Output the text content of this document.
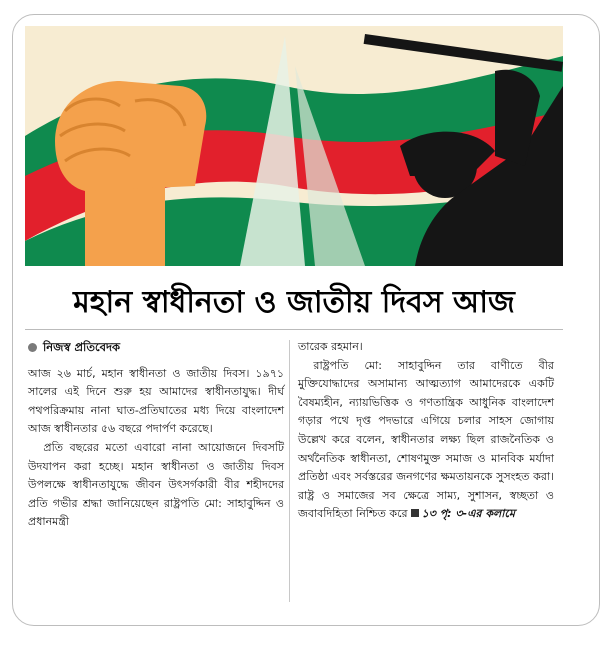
মহান স্বাধীনতা ও জাতীয় দিবস আজ
নিজস্ব প্রতিবেদক

আজ ২৬ মার্চ, মহান স্বাধীনতা ও জাতীয় দিবস। ১৯৭১ সালের এই দিনে শুরু হয় আমাদের স্বাধীনতাযুদ্ধ। দীর্ঘ পথপরিক্রমায় নানা ঘাত-প্রতিঘাতের মধ্য দিয়ে বাংলাদেশ আজ স্বাধীনতার ৫৬ বছরে পদার্পণ করেছে।

প্রতি বছরের মতো এবারো নানা আয়োজনে দিবসটি উদযাপন করা হচ্ছে। মহান স্বাধীনতা ও জাতীয় দিবস উপলক্ষে স্বাধীনতাযুদ্ধে জীবন উৎসর্গকারী বীর শহীদদের প্রতি গভীর শ্রদ্ধা জানিয়েছেন রাষ্ট্রপতি মো: সাহাবুদ্দিন ও প্রধানমন্ত্রী

তারেক রহমান।

রাষ্ট্রপতি মো: সাহাবুদ্দিন তার বাণীতে বীর মুক্তিযোদ্ধাদের অসামান্য আত্মত্যাগ আমাদেরকে একটি বৈষম্যহীন, ন্যায়ভিত্তিক ও গণতান্ত্রিক আধুনিক বাংলাদেশ গড়ার পথে দৃপ্ত পদভারে এগিয়ে চলার সাহস জোগায় উল্লেখ করে বলেন, স্বাধীনতার লক্ষ্য ছিল রাজনৈতিক ও অর্থনৈতিক স্বাধীনতা, শোষণমুক্ত সমাজ ও মানবিক মর্যাদা প্রতিষ্ঠা এবং সর্বস্তরের জনগণের ক্ষমতায়নকে সুসংহত করা। রাষ্ট্র ও সমাজের সব ক্ষেত্রে সাম্য, সুশাসন, স্বচ্ছতা ও জবাবদিহিতা নিশ্চিত করে ১৩ পৃ: ৩-এর কলামে
